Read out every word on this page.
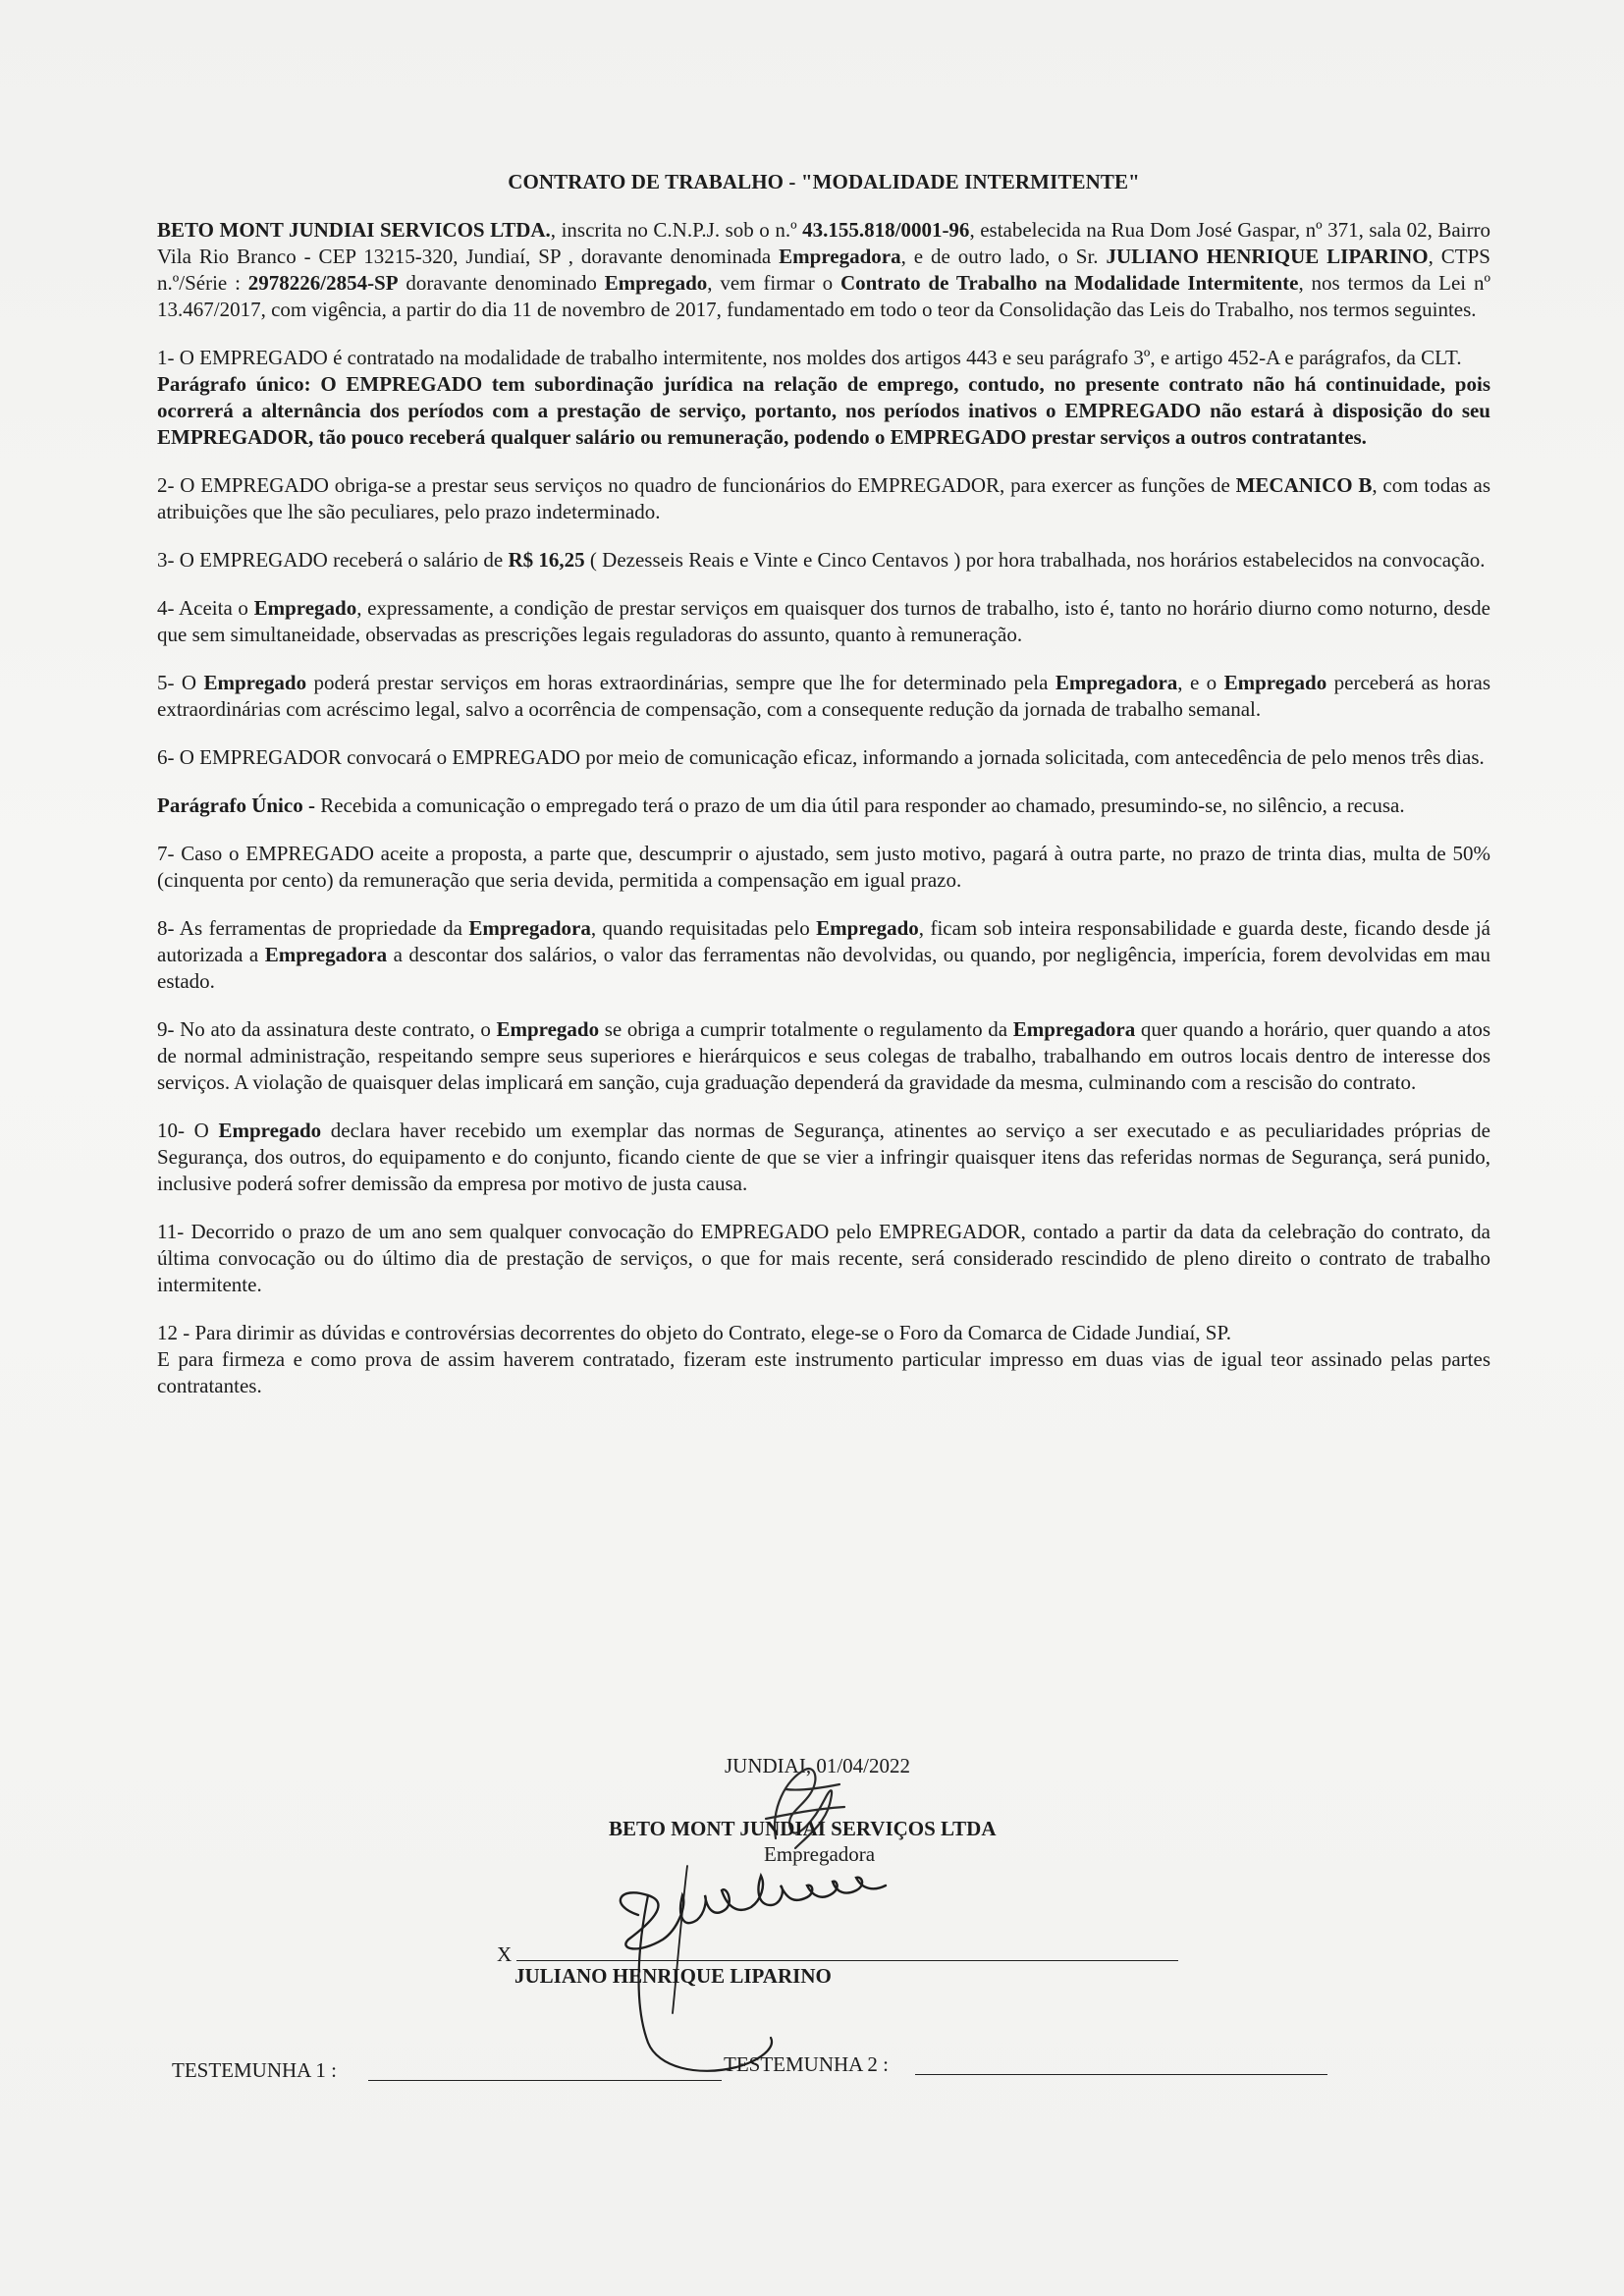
CONTRATO DE TRABALHO - "MODALIDADE INTERMITENTE"

BETO MONT JUNDIAI SERVICOS LTDA., inscrita no C.N.P.J. sob o n.º 43.155.818/0001-96, estabelecida na Rua Dom José Gaspar, nº 371, sala 02, Bairro Vila Rio Branco - CEP 13215-320, Jundiaí, SP , doravante denominada Empregadora, e de outro lado, o Sr. JULIANO HENRIQUE LIPARINO, CTPS n.º/Série : 2978226/2854-SP doravante denominado Empregado, vem firmar o Contrato de Trabalho na Modalidade Intermitente, nos termos da Lei nº 13.467/2017, com vigência, a partir do dia 11 de novembro de 2017, fundamentado em todo o teor da Consolidação das Leis do Trabalho, nos termos seguintes.

1- O EMPREGADO é contratado na modalidade de trabalho intermitente, nos moldes dos artigos 443 e seu parágrafo 3º, e artigo 452-A e parágrafos, da CLT.
Parágrafo único: O EMPREGADO tem subordinação jurídica na relação de emprego, contudo, no presente contrato não há continuidade, pois ocorrerá a alternância dos períodos com a prestação de serviço, portanto, nos períodos inativos o EMPREGADO não estará à disposição do seu EMPREGADOR, tão pouco receberá qualquer salário ou remuneração, podendo o EMPREGADO prestar serviços a outros contratantes.

2- O EMPREGADO obriga-se a prestar seus serviços no quadro de funcionários do EMPREGADOR, para exercer as funções de MECANICO B, com todas as atribuições que lhe são peculiares, pelo prazo indeterminado.

3- O EMPREGADO receberá o salário de R$ 16,25 ( Dezesseis Reais e Vinte e Cinco Centavos ) por hora trabalhada, nos horários estabelecidos na convocação.

4- Aceita o Empregado, expressamente, a condição de prestar serviços em quaisquer dos turnos de trabalho, isto é, tanto no horário diurno como noturno, desde que sem simultaneidade, observadas as prescrições legais reguladoras do assunto, quanto à remuneração.

5- O Empregado poderá prestar serviços em horas extraordinárias, sempre que lhe for determinado pela Empregadora, e o Empregado perceberá as horas extraordinárias com acréscimo legal, salvo a ocorrência de compensação, com a consequente redução da jornada de trabalho semanal.

6- O EMPREGADOR convocará o EMPREGADO por meio de comunicação eficaz, informando a jornada solicitada, com antecedência de pelo menos três dias.

Parágrafo Único - Recebida a comunicação o empregado terá o prazo de um dia útil para responder ao chamado, presumindo-se, no silêncio, a recusa.

7- Caso o EMPREGADO aceite a proposta, a parte que, descumprir o ajustado, sem justo motivo, pagará à outra parte, no prazo de trinta dias, multa de 50% (cinquenta por cento) da remuneração que seria devida, permitida a compensação em igual prazo.

8- As ferramentas de propriedade da Empregadora, quando requisitadas pelo Empregado, ficam sob inteira responsabilidade e guarda deste, ficando desde já autorizada a Empregadora a descontar dos salários, o valor das ferramentas não devolvidas, ou quando, por negligência, imperícia, forem devolvidas em mau estado.

9- No ato da assinatura deste contrato, o Empregado se obriga a cumprir totalmente o regulamento da Empregadora quer quando a horário, quer quando a atos de normal administração, respeitando sempre seus superiores e hierárquicos e seus colegas de trabalho, trabalhando em outros locais dentro de interesse dos serviços. A violação de quaisquer delas implicará em sanção, cuja graduação dependerá da gravidade da mesma, culminando com a rescisão do contrato.

10- O Empregado declara haver recebido um exemplar das normas de Segurança, atinentes ao serviço a ser executado e as peculiaridades próprias de Segurança, dos outros, do equipamento e do conjunto, ficando ciente de que se vier a infringir quaisquer itens das referidas normas de Segurança, será punido, inclusive poderá sofrer demissão da empresa por motivo de justa causa.

11- Decorrido o prazo de um ano sem qualquer convocação do EMPREGADO pelo EMPREGADOR, contado a partir da data da celebração do contrato, da última convocação ou do último dia de prestação de serviços, o que for mais recente, será considerado rescindido de pleno direito o contrato de trabalho intermitente.

12 - Para dirimir as dúvidas e controvérsias decorrentes do objeto do Contrato, elege-se o Foro da Comarca de Cidade Jundiaí, SP.
E para firmeza e como prova de assim haverem contratado, fizeram este instrumento particular impresso em duas vias de igual teor assinado pelas partes contratantes.

JUNDIAI, 01/04/2022
BETO MONT JUNDIAI SERVIÇOS LTDA
Empregadora
X
JULIANO HENRIQUE LIPARINO
TESTEMUNHA 1 :	TESTEMUNHA 2 :
